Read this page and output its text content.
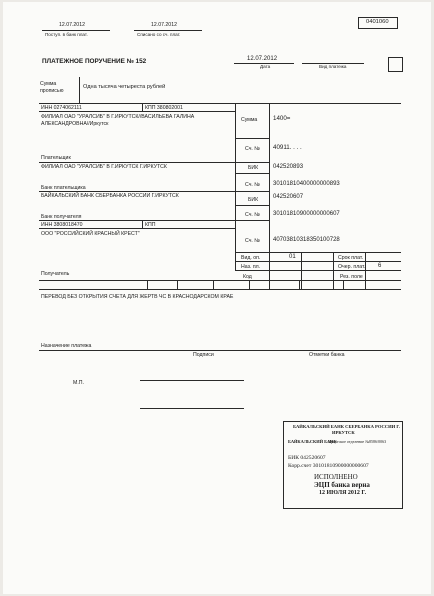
0401060
12.07.2012
Поступ. в банк плат.
12.07.2012
Списано со сч. плат.
ПЛАТЕЖНОЕ ПОРУЧЕНИЕ № 152	12.07.2012
Дата	Вид платежа
Сумма
прописью
Одна тысяча четыреста рублей
ИНН 0274062111	КПП 380802001
ФИЛИАЛ ОАО "УРАЛСИБ" В Г.ИРКУТСК//ВАСИЛЬЕВА ГАЛИНА
АЛЕКСАНДРОВНА//Иркутск
Сумма	1400=
Сч. № 40911. . . .
Плательщик
ФИЛИАЛ ОАО "УРАЛСИБ" В Г.ИРКУТСК Г.ИРКУТСК	БИК 042520893
Сч. № 30101810400000000893
Банк плательщика
БАЙКАЛЬСКИЙ БАНК СБЕРБАНКА РОССИИ Г.ИРКУТСК
БИК 042520607
Сч. № 30101810900000000607
Банк получателя
ИНН 3808018470	КПП
ООО "РОССИЙСКИЙ КРАСНЫЙ КРЕСТ"
Сч. № 40703810318350100728
Вид. оп.	01	Срок плат.
Наз. пл.	Очер. плат. 6
Код	Рез. поле
Получатель
ПЕРЕВОД БЕЗ ОТКРЫТИЯ СЧЕТА ДЛЯ ЖЕРТВ ЧС В КРАСНОДАРСКОМ КРАЕ
Назначение платежа
Подписи	Отметки банка
М.П.
БАЙКАЛЬСКИЙ БАНК СБЕРБАНКА РОССИИ Г.
ИРКУТСК
БАЙКАЛЬСКИЙ БАНК
Иркутское отделение №8586/0063
БИК 042520607
Корр.счет 30101810900000000607
ИСПОЛНЕНО
ЭЦП банка верна
12 ИЮЛЯ 2012 Г.
